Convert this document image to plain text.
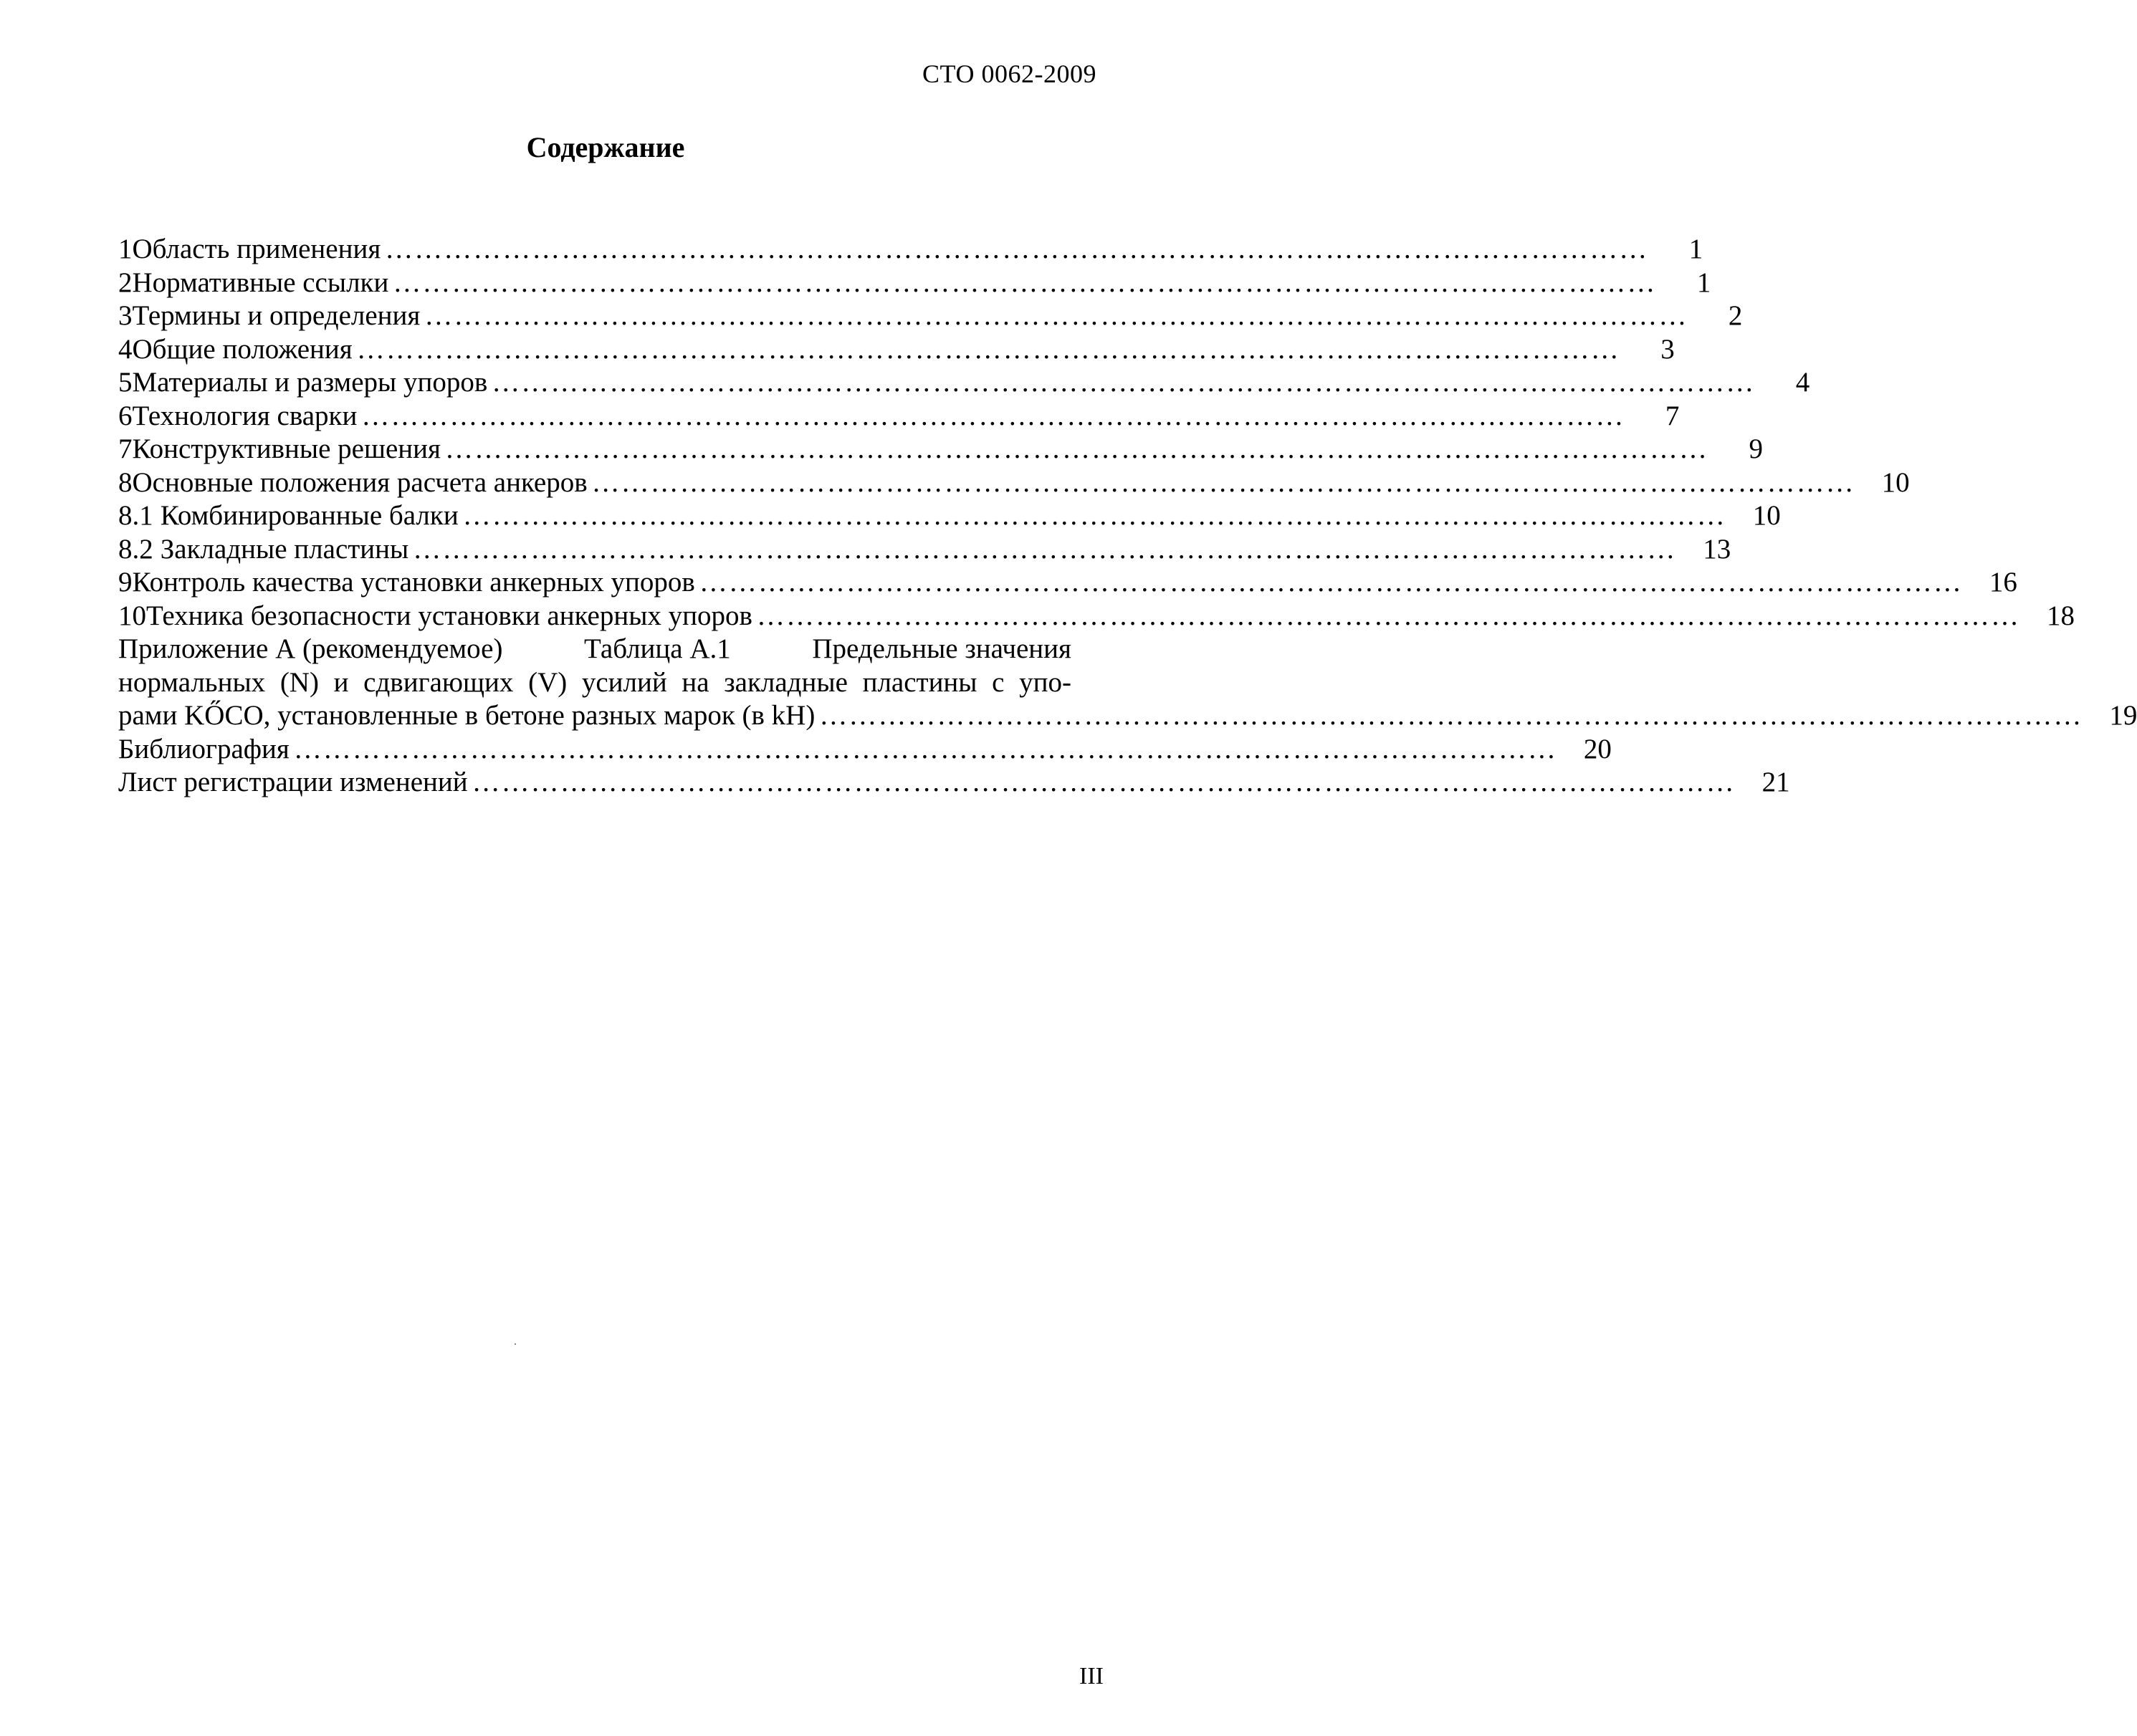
СТО 0062-2009
Содержание
1 Область применения …………………………………………………………………………………………………………………	1
2 Нормативные ссылки …………………………………………………………………………………………………………………	1
3 Термины и определения …………………………………………………………………………………………………………………	2
4 Общие положения …………………………………………………………………………………………………………………	3
5 Материалы и размеры упоров …………………………………………………………………………………………………………………	4
6 Технология сварки …………………………………………………………………………………………………………………	7
7 Конструктивные решения …………………………………………………………………………………………………………………	9
8 Основные положения расчета анкеров ………………………………………………………………………………………………………………… 10
8.1 Комбинированные балки ………………………………………………………………………………………………………………… 10
8.2 Закладные пластины ………………………………………………………………………………………………………………… 13
9 Контроль качества установки анкерных упоров ………………………………………………………………………………………………………………… 16
10 Техника безопасности установки анкерных упоров ………………………………………………………………………………………………………………… 18
Приложение А (рекомендуемое)	Таблица А.1	Предельные значения
нормальных (N) и сдвигающих (V) усилий на закладные пластины с упо-
рами KŐCO, установленные в бетоне разных марок (в kH) ………………………………………………………………………………………………………………… 19
Библиография ………………………………………………………………………………………………………………… 20
Лист регистрации изменений ………………………………………………………………………………………………………………… 21
III
